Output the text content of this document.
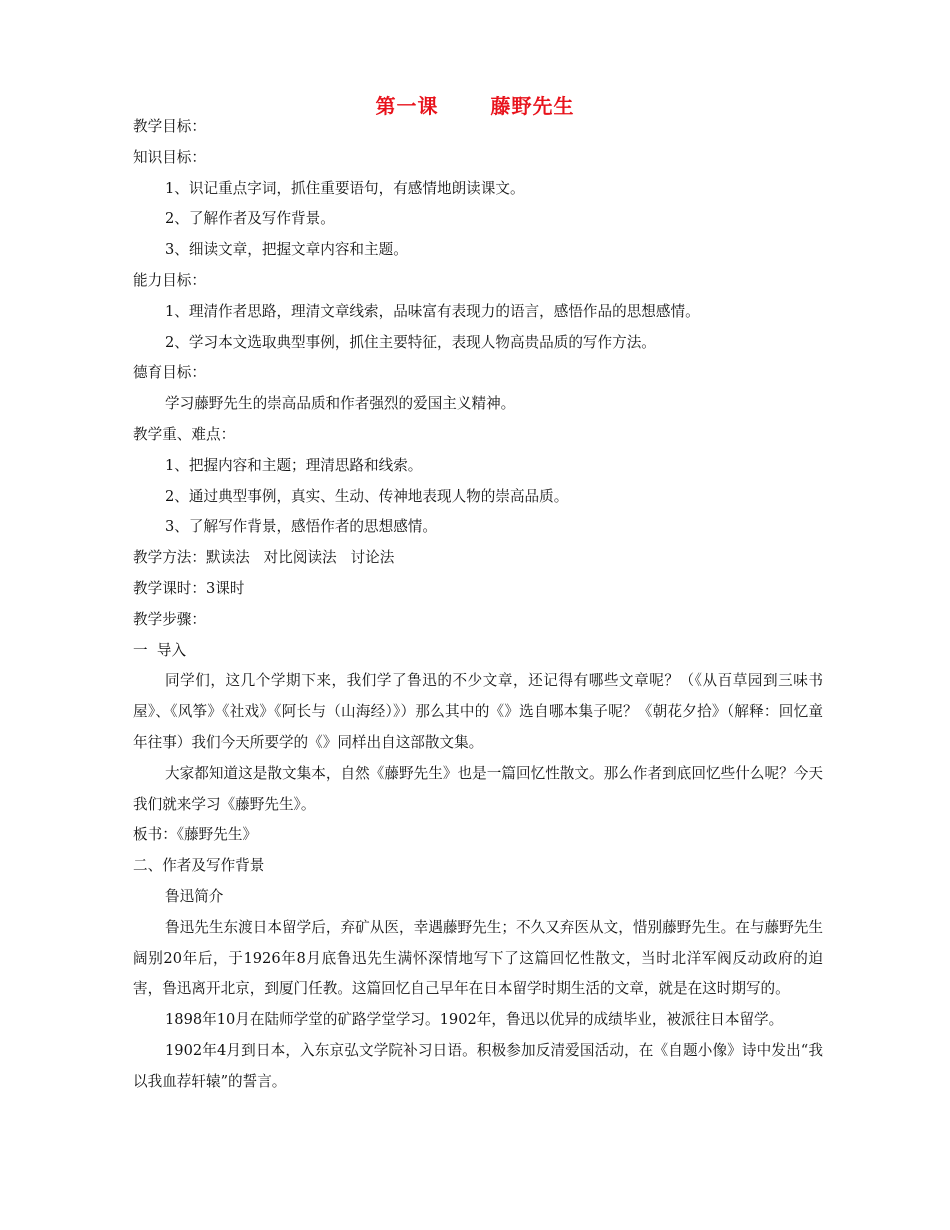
第一课	藤野先生

教学目标：

知识目标：

1、识记重点字词，抓住重要语句，有感情地朗读课文。

2、了解作者及写作背景。

3、细读文章，把握文章内容和主题。

能力目标：

1、理清作者思路，理清文章线索，品味富有表现力的语言，感悟作品的思想感情。

2、学习本文选取典型事例，抓住主要特征，表现人物高贵品质的写作方法。

德育目标：

学习藤野先生的崇高品质和作者强烈的爱国主义精神。

教学重、难点：

1、把握内容和主题；理清思路和线索。

2、通过典型事例，真实、生动、传神地表现人物的崇高品质。

3、了解写作背景，感悟作者的思想感情。

教学方法：默读法   对比阅读法   讨论法

教学课时：3课时

教学步骤：

一  导入

同学们，这几个学期下来，我们学了鲁迅的不少文章，还记得有哪些文章呢？（《从百草园到三味书屋》、《风筝》《社戏》《阿长与（山海经）》）那么其中的《》选自哪本集子呢？《朝花夕拾》（解释：回忆童年往事）我们今天所要学的《》同样出自这部散文集。

大家都知道这是散文集本，自然《藤野先生》也是一篇回忆性散文。那么作者到底回忆些什么呢？今天我们就来学习《藤野先生》。

板书：《藤野先生》

二、作者及写作背景

鲁迅简介

鲁迅先生东渡日本留学后，弃矿从医，幸遇藤野先生；不久又弃医从文，惜别藤野先生。在与藤野先生阔别20年后，于1926年8月底鲁迅先生满怀深情地写下了这篇回忆性散文，当时北洋军阀反动政府的迫害，鲁迅离开北京，到厦门任教。这篇回忆自己早年在日本留学时期生活的文章，就是在这时期写的。

1898年10月在陆师学堂的矿路学堂学习。1902年，鲁迅以优异的成绩毕业，被派往日本留学。

1902年4月到日本，入东京弘文学院补习日语。积极参加反清爱国活动，在《自题小像》诗中发出“我以我血荐轩辕”的誓言。
